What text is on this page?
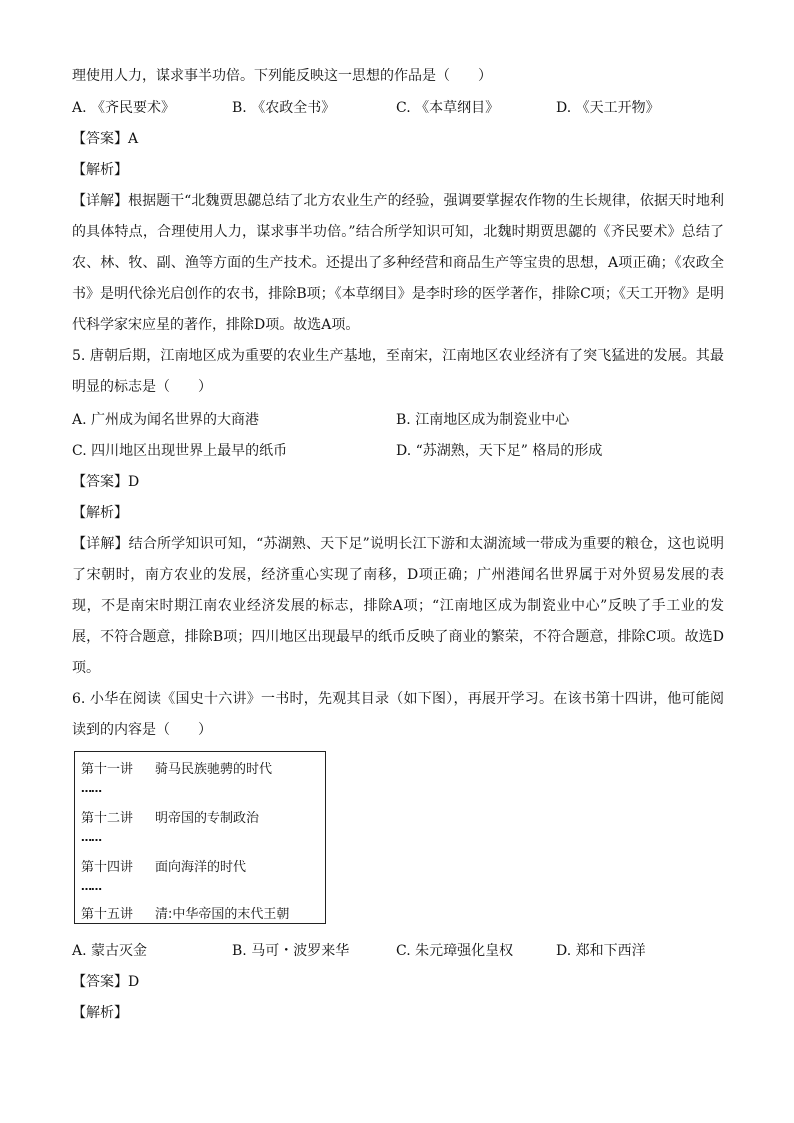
理使用人力，谋求事半功倍。下列能反映这一思想的作品是（　　）
A. 《齐民要术》	B. 《农政全书》	C. 《本草纲目》	D. 《天工开物》
【答案】A
【解析】
【详解】根据题干“北魏贾思勰总结了北方农业生产的经验，强调要掌握农作物的生长规律，依据天时地利的具体特点，合理使用人力，谋求事半功倍。”结合所学知识可知，北魏时期贾思勰的《齐民要术》总结了农、林、牧、副、渔等方面的生产技术。还提出了多种经营和商品生产等宝贵的思想，A项正确；《农政全书》是明代徐光启创作的农书，排除B项；《本草纲目》是李时珍的医学著作，排除C项；《天工开物》是明代科学家宋应星的著作，排除D项。故选A项。
5. 唐朝后期，江南地区成为重要的农业生产基地，至南宋，江南地区农业经济有了突飞猛进的发展。其最明显的标志是（　　）
A. 广州成为闻名世界的大商港	B. 江南地区成为制瓷业中心
C. 四川地区出现世界上最早的纸币	D. “苏湖熟，天下足” 格局的形成
【答案】D
【解析】
【详解】结合所学知识可知，“苏湖熟、天下足”说明长江下游和太湖流域一带成为重要的粮仓，这也说明了宋朝时，南方农业的发展，经济重心实现了南移，D项正确；广州港闻名世界属于对外贸易发展的表现，不是南宋时期江南农业经济发展的标志，排除A项；“江南地区成为制瓷业中心”反映了手工业的发展，不符合题意，排除B项；四川地区出现最早的纸币反映了商业的繁荣，不符合题意，排除C项。故选D项。
6. 小华在阅读《国史十六讲》一书时，先观其目录（如下图），再展开学习。在该书第十四讲，他可能阅读到的内容是（　　）
第十一讲 骑马民族驰骋的时代
……
第十二讲 明帝国的专制政治
……
第十四讲 面向海洋的时代
……
第十五讲 清:中华帝国的末代王朝
A. 蒙古灭金	B. 马可・波罗来华	C. 朱元璋强化皇权	D. 郑和下西洋
【答案】D
【解析】
